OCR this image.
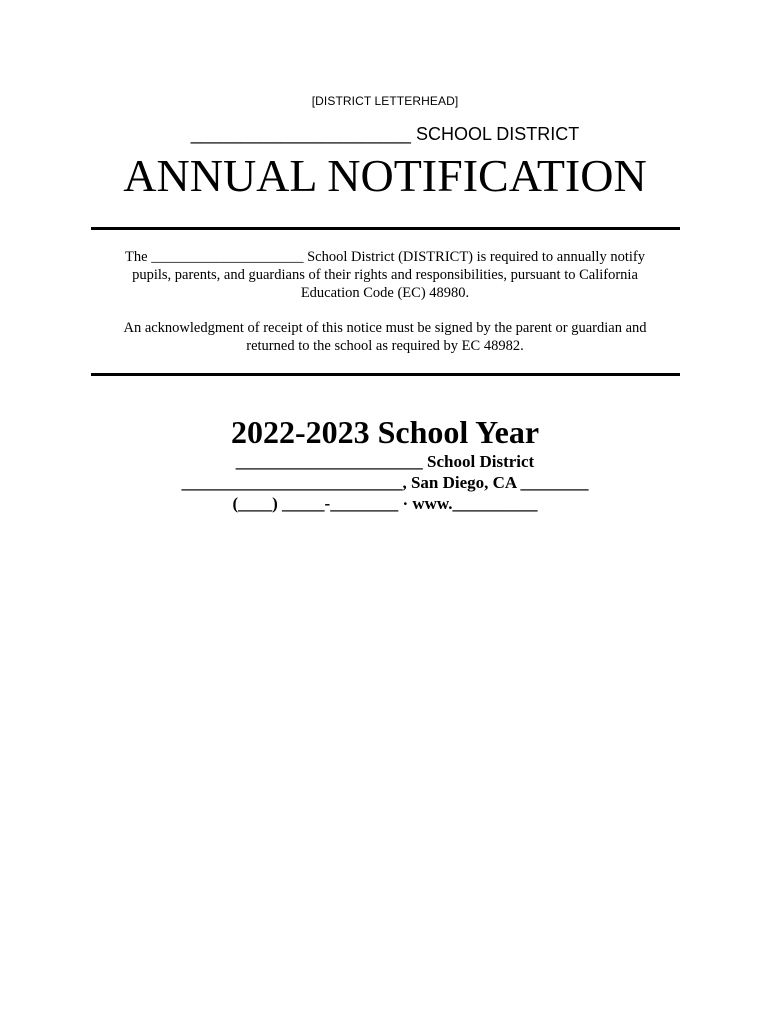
[DISTRICT LETTERHEAD]
______________________ SCHOOL DISTRICT
ANNUAL NOTIFICATION

The _____________________ School District (DISTRICT) is required to annually notify pupils, parents, and guardians of their rights and responsibilities, pursuant to California Education Code (EC) 48980.

An acknowledgment of receipt of this notice must be signed by the parent or guardian and returned to the school as required by EC 48982.

2022-2023 School Year
______________________ School District
__________________________, San Diego, CA ________
(____) _____-________ · www.__________
